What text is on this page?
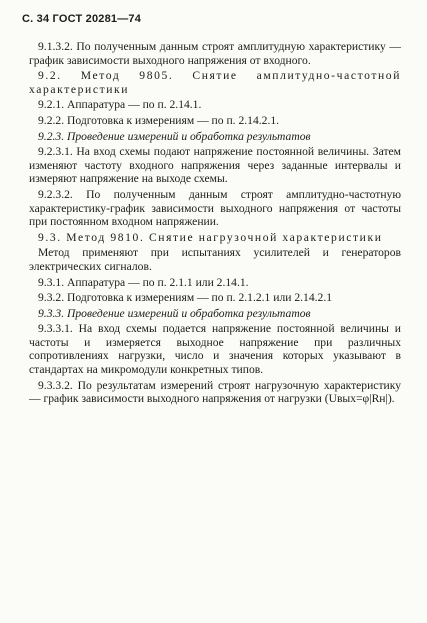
С. 34 ГОСТ 20281—74

9.1.3.2. По полученным данным строят амплитудную характеристику — график зависимости выходного напряжения от входного.

9.2. Метод 9805. Снятие амплитудно-частотной характеристики

9.2.1. Аппаратура — по п. 2.14.1.

9.2.2. Подготовка к измерениям — по п. 2.14.2.1.

9.2.3. Проведение измерений и обработка результатов

9.2.3.1. На вход схемы подают напряжение постоянной величины. Затем изменяют частоту входного напряжения через заданные интервалы и измеряют напряжение на выходе схемы.

9.2.3.2. По полученным данным строят амплитудно-частотную характеристику-график зависимости выходного напряжения от частоты при постоянном входном напряжении.

9.3. Метод 9810. Снятие нагрузочной характеристики

Метод применяют при испытаниях усилителей и генераторов электрических сигналов.

9.3.1. Аппаратура — по п. 2.1.1 или 2.14.1.

9.3.2. Подготовка к измерениям — по п. 2.1.2.1 или 2.14.2.1

9.3.3. Проведение измерений и обработка результатов

9.3.3.1. На вход схемы подается напряжение постоянной величины и частоты и измеряется выходное напряжение при различных сопротивлениях нагрузки, число и значения которых указывают в стандартах на микромодули конкретных типов.

9.3.3.2. По результатам измерений строят нагрузочную характеристику — график зависимости выходного напряжения от нагрузки (Uвых=φ|Rн|).
